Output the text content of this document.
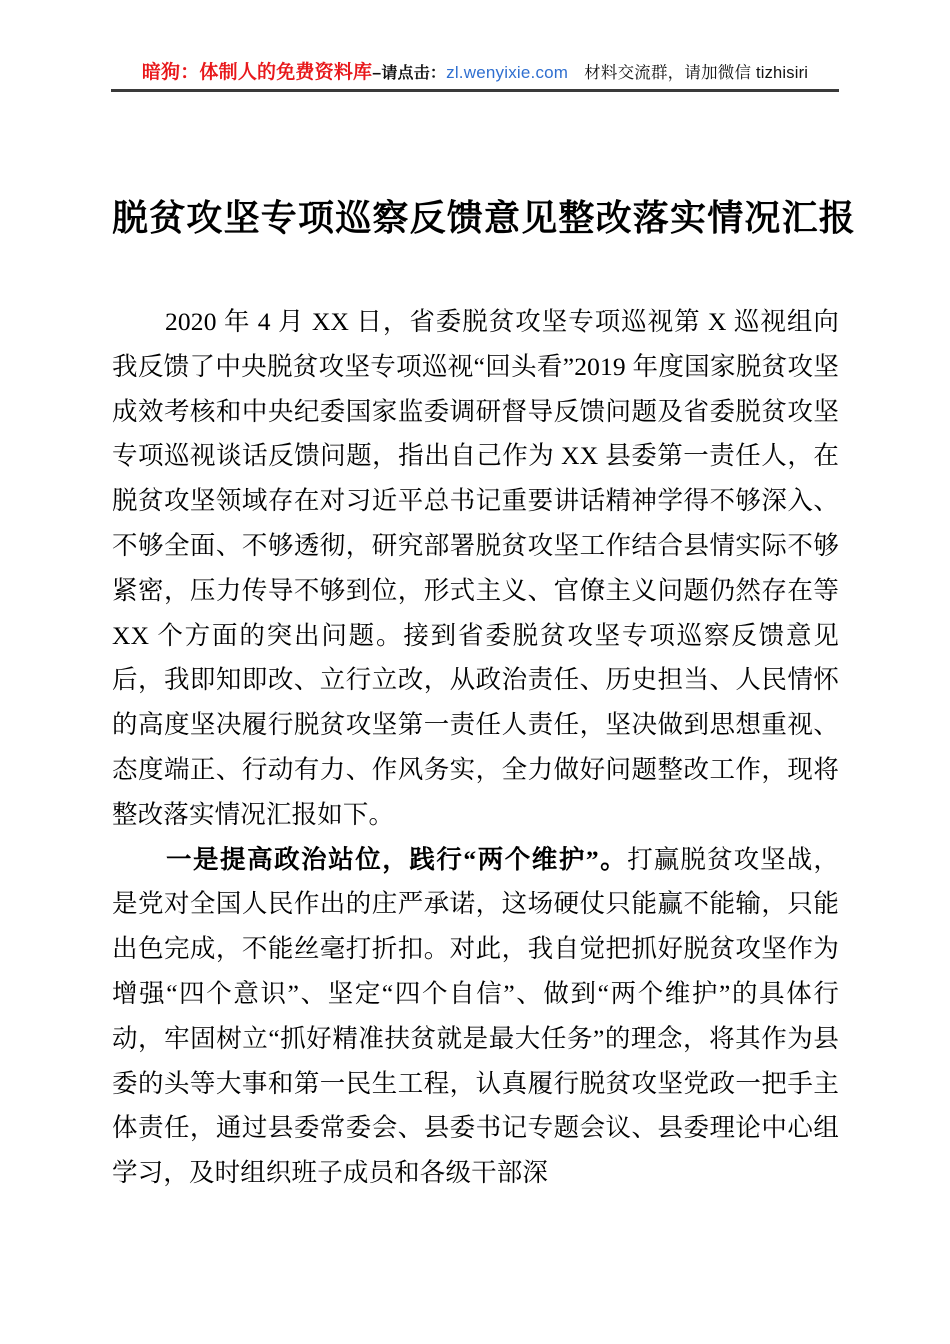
暗狗：体制人的免费资料库–请点击：zl.wenyixie.com 材料交流群，请加微信 tizhisiri
脱贫攻坚专项巡察反馈意见整改落实情况汇报

2020 年 4 月 XX 日，省委脱贫攻坚专项巡视第 X 巡视组向我反馈了中央脱贫攻坚专项巡视“回头看”2019 年度国家脱贫攻坚成效考核和中央纪委国家监委调研督导反馈问题及省委脱贫攻坚专项巡视谈话反馈问题，指出自己作为 XX 县委第一责任人，在脱贫攻坚领域存在对习近平总书记重要讲话精神学得不够深入、不够全面、不够透彻，研究部署脱贫攻坚工作结合县情实际不够紧密，压力传导不够到位，形式主义、官僚主义问题仍然存在等 XX 个方面的突出问题。接到省委脱贫攻坚专项巡察反馈意见后，我即知即改、立行立改，从政治责任、历史担当、人民情怀的高度坚决履行脱贫攻坚第一责任人责任，坚决做到思想重视、态度端正、行动有力、作风务实，全力做好问题整改工作，现将整改落实情况汇报如下。

一是提高政治站位，践行“两个维护”。打赢脱贫攻坚战，是党对全国人民作出的庄严承诺，这场硬仗只能赢不能输，只能出色完成，不能丝毫打折扣。对此，我自觉把抓好脱贫攻坚作为增强“四个意识”、坚定“四个自信”、做到“两个维护”的具体行动，牢固树立“抓好精准扶贫就是最大任务”的理念，将其作为县委的头等大事和第一民生工程，认真履行脱贫攻坚党政一把手主体责任，通过县委常委会、县委书记专题会议、县委理论中心组学习，及时组织班子成员和各级干部深
